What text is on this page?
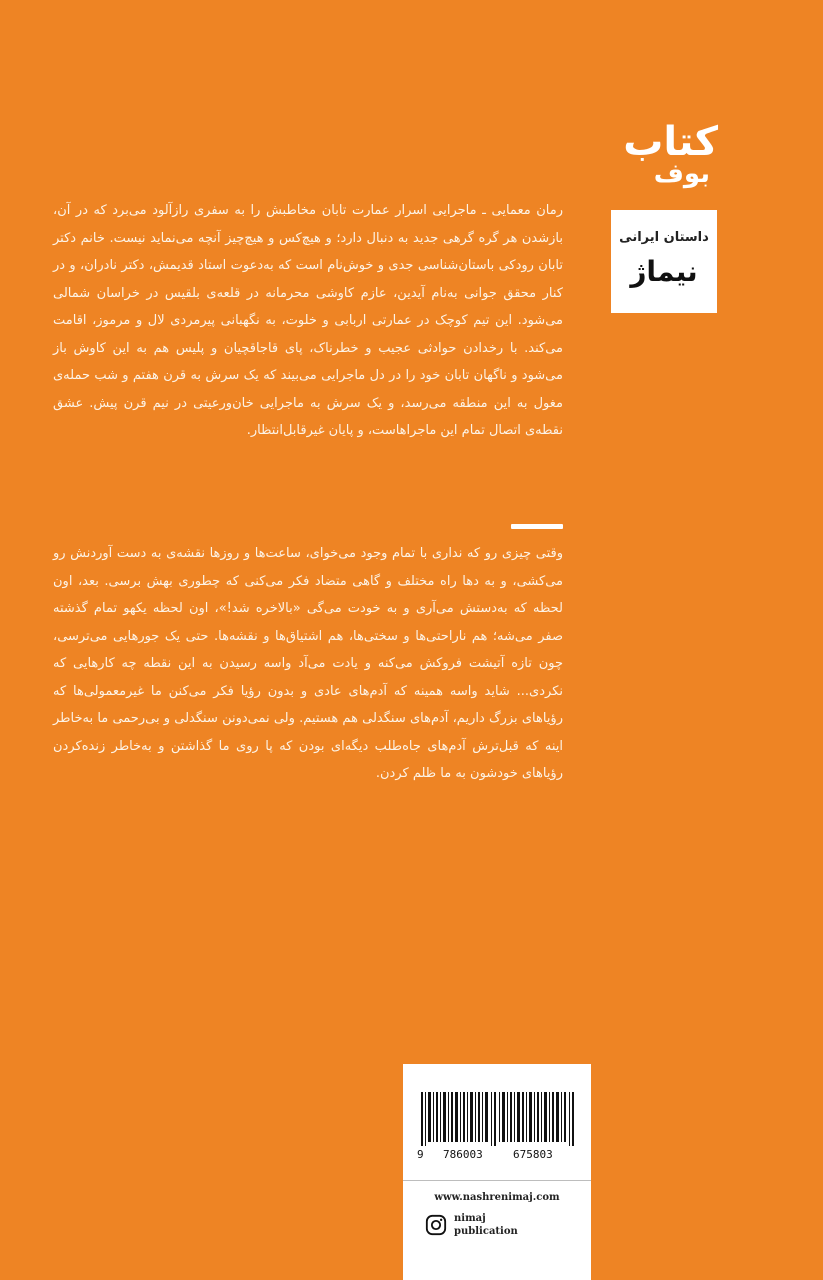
کتاب
بوف
داستان ایرانی
نیماژ
رمان معمایی ـ ماجرایی اسرار عمارت تابان مخاطبش را به سفری رازآلود می‌برد که در آن، بازشدن هر گره گرهی جدید به دنبال دارد؛ و هیچ‌کس و هیچ‌چیز آنچه می‌نماید نیست. خانم دکتر تابان رودکی باستان‌شناسی جدی و خوش‌نام است که به‌دعوت استاد قدیمش، دکتر نادران، و در کنار محقق جوانی به‌نام آیدین، عازم کاوشی محرمانه در قلعه‌ی بلقیس در خراسان شمالی می‌شود. این تیم کوچک در عمارتی اربابی و خلوت، به نگهبانی پیرمردی لال و مرموز، اقامت می‌کند. با رخدادن حوادثی عجیب و خطرناک، پای قاجاقچیان و پلیس هم به این کاوش باز می‌شود و ناگهان تابان خود را در دل ماجرایی می‌بیند که یک سرش به قرن هفتم و شب حمله‌ی مغول به این منطقه می‌رسد، و یک سرش به ماجرایی خان‌ورعیتی در نیم قرن پیش. عشق نقطه‌ی اتصال تمام این ماجراهاست، و پایان غیرقابل‌انتظار.
وقتی چیزی رو که نداری با تمام وجود می‌خوای، ساعت‌ها و روزها نقشه‌ی به دست آوردنش رو می‌کشی، و به دها راه مختلف و گاهی متضاد فکر می‌کنی که چطوری بهش برسی. بعد، اون لحظه که به‌دستش می‌آری و به خودت می‌گی «بالاخره شد!»، اون لحظه یکهو تمام گذشته صفر می‌شه؛ هم ناراحتی‌ها و سختی‌ها، هم اشتیاق‌ها و نقشه‌ها. حتی یک جورهایی می‌ترسی، چون تازه آتیشت فروکش می‌کنه و یادت می‌آد واسه رسیدن به این نقطه چه کارهایی که نکردی... شاید واسه همینه که آدم‌های عادی و بدون رؤیا فکر می‌کنن ما غیرمعمولی‌ها که رؤیاهای بزرگ داریم، آدم‌های سنگدلی هم هستیم. ولی نمی‌دونن سنگدلی و بی‌رحمی ما به‌خاطر اینه که قبل‌ترش آدم‌های جاه‌طلب دیگه‌ای بودن که پا روی ما گذاشتن و به‌خاطر زنده‌کردن رؤیاهای خودشون به ما ظلم کردن.
9 786003	675803
www.nashrenimaj.com
nimaj
publication
